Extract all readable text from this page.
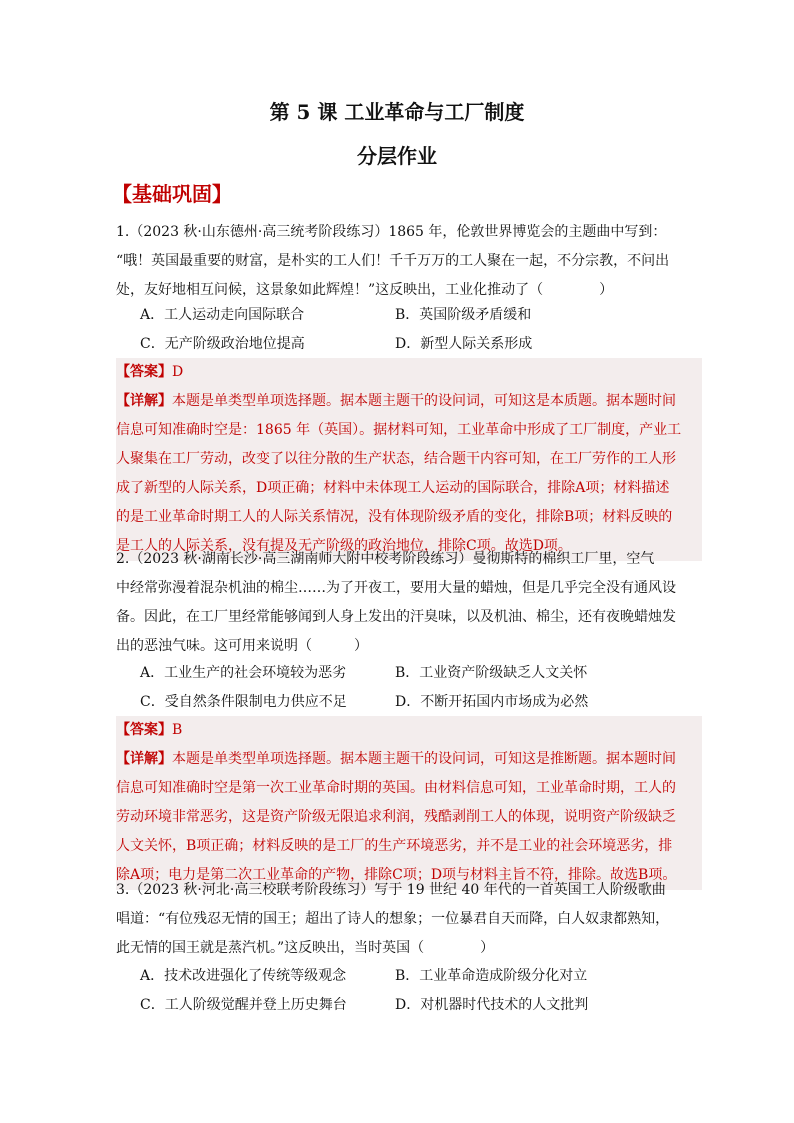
第 5 课 工业革命与工厂制度
分层作业
【基础巩固】

1.（2023 秋·山东德州·高三统考阶段练习）1865 年，伦敦世界博览会的主题曲中写到：

“哦！英国最重要的财富，是朴实的工人们！千千万万的工人聚在一起，不分宗教，不问出

处，友好地相互问候，这景象如此辉煌！”这反映出，工业化推动了（　　　　）

A．工人运动走向国际联合	B．英国阶级矛盾缓和
C．无产阶级政治地位提高	D．新型人际关系形成

【答案】D

【详解】本题是单类型单项选择题。据本题主题干的设问词，可知这是本质题。据本题时间

信息可知准确时空是：1865 年（英国）。据材料可知，工业革命中形成了工厂制度，产业工

人聚集在工厂劳动，改变了以往分散的生产状态，结合题干内容可知，在工厂劳作的工人形

成了新型的人际关系，D项正确；材料中未体现工人运动的国际联合，排除A项；材料描述

的是工业革命时期工人的人际关系情况，没有体现阶级矛盾的变化，排除B项；材料反映的

是工人的人际关系，没有提及无产阶级的政治地位，排除C项。故选D项。

2.（2023 秋·湖南长沙·高三湖南师大附中校考阶段练习）曼彻斯特的棉织工厂里，空气

中经常弥漫着混杂机油的棉尘……为了开夜工，要用大量的蜡烛，但是几乎完全没有通风设

备。因此，在工厂里经常能够闻到人身上发出的汗臭味，以及机油、棉尘，还有夜晚蜡烛发

出的恶浊气味。这可用来说明（　　　）

A．工业生产的社会环境较为恶劣	B．工业资产阶级缺乏人文关怀
C．受自然条件限制电力供应不足	D．不断开拓国内市场成为必然

【答案】B

【详解】本题是单类型单项选择题。据本题主题干的设问词，可知这是推断题。据本题时间

信息可知准确时空是第一次工业革命时期的英国。由材料信息可知，工业革命时期，工人的

劳动环境非常恶劣，这是资产阶级无限追求利润，残酷剥削工人的体现，说明资产阶级缺乏

人文关怀，B项正确；材料反映的是工厂的生产环境恶劣，并不是工业的社会环境恶劣，排

除A项；电力是第二次工业革命的产物，排除C项；D项与材料主旨不符，排除。故选B项。

3.（2023 秋·河北·高三校联考阶段练习）写于 19 世纪 40 年代的一首英国工人阶级歌曲

唱道：“有位残忍无情的国王；超出了诗人的想象；一位暴君自天而降，白人奴隶都熟知，

此无情的国王就是蒸汽机。”这反映出，当时英国（　　　　）

A．技术改进强化了传统等级观念	B．工业革命造成阶级分化对立
C．工人阶级觉醒并登上历史舞台	D．对机器时代技术的人文批判
